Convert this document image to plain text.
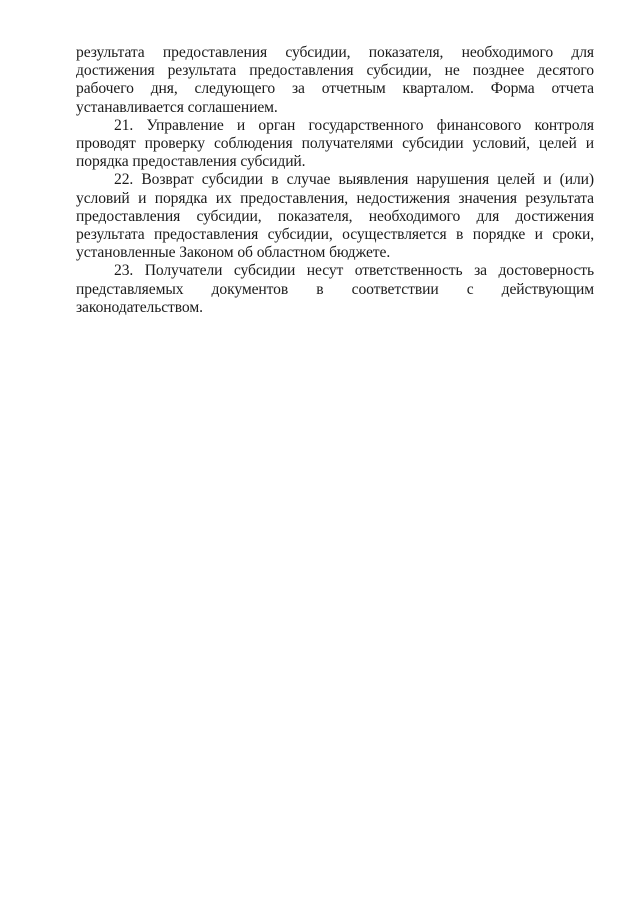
результата предоставления субсидии, показателя, необходимого для достижения результата предоставления субсидии, не позднее десятого рабочего дня, следующего за отчетным кварталом. Форма отчета устанавливается соглашением.

21. Управление и орган государственного финансового контроля проводят проверку соблюдения получателями субсидии условий, целей и порядка предоставления субсидий.

22. Возврат субсидии в случае выявления нарушения целей и (или) условий и порядка их предоставления, недостижения значения результата предоставления субсидии, показателя, необходимого для достижения результата предоставления субсидии, осуществляется в порядке и сроки, установленные Законом об областном бюджете.

23. Получатели субсидии несут ответственность за достоверность представляемых документов в соответствии с действующим законодательством.
